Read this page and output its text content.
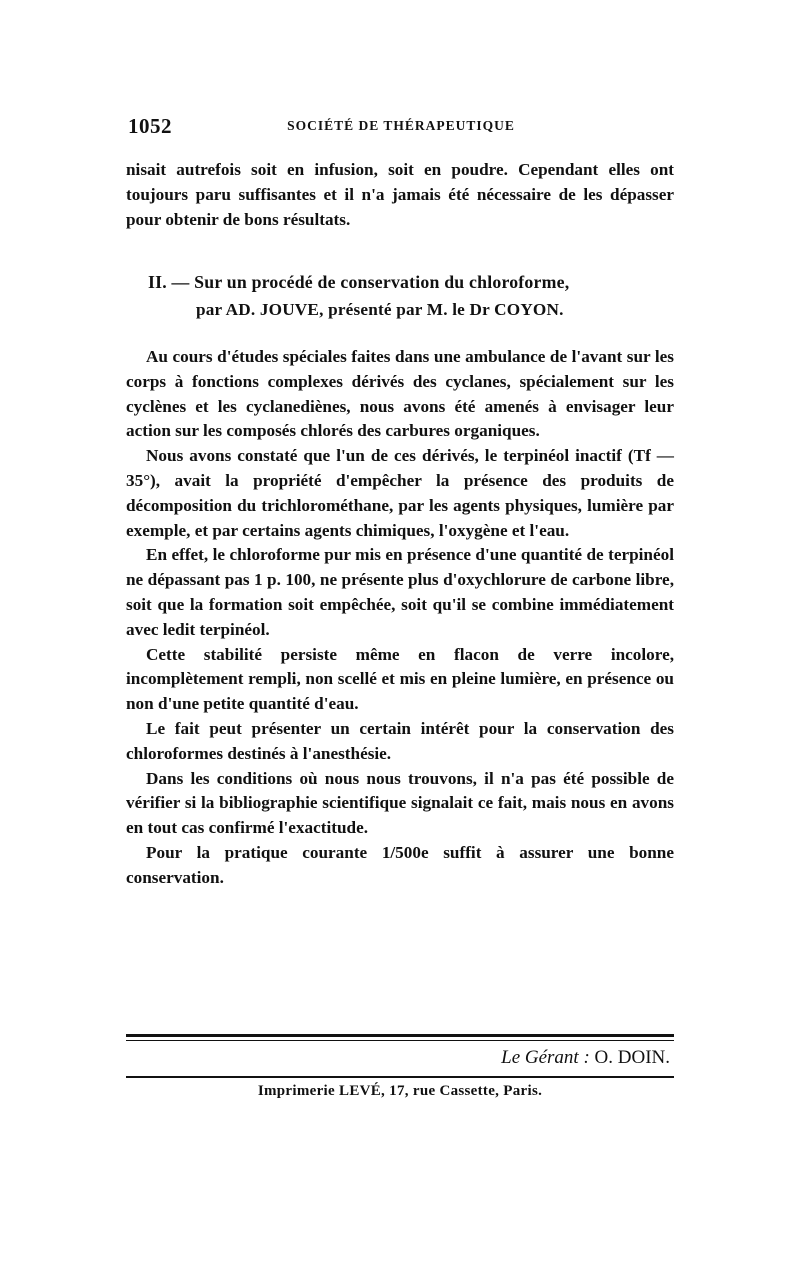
1052	SOCIÉTÉ DE THÉRAPEUTIQUE

nisait autrefois soit en infusion, soit en poudre. Cependant elles ont toujours paru suffisantes et il n'a jamais été nécessaire de les dépasser pour obtenir de bons résultats.

II. — Sur un procédé de conservation du chloroforme,
par AD. JOUVE, présenté par M. le Dr COYON.

Au cours d'études spéciales faites dans une ambulance de l'avant sur les corps à fonctions complexes dérivés des cyclanes, spécialement sur les cyclènes et les cyclanediènes, nous avons été amenés à envisager leur action sur les composés chlorés des carbures organiques.

Nous avons constaté que l'un de ces dérivés, le terpinéol inactif (Tf — 35°), avait la propriété d'empêcher la présence des produits de décomposition du trichlorométhane, par les agents physiques, lumière par exemple, et par certains agents chimiques, l'oxygène et l'eau.

En effet, le chloroforme pur mis en présence d'une quantité de terpinéol ne dépassant pas 1 p. 100, ne présente plus d'oxychlorure de carbone libre, soit que la formation soit empêchée, soit qu'il se combine immédiatement avec ledit terpinéol.

Cette stabilité persiste même en flacon de verre incolore, incomplètement rempli, non scellé et mis en pleine lumière, en présence ou non d'une petite quantité d'eau.

Le fait peut présenter un certain intérêt pour la conservation des chloroformes destinés à l'anesthésie.

Dans les conditions où nous nous trouvons, il n'a pas été possible de vérifier si la bibliographie scientifique signalait ce fait, mais nous en avons en tout cas confirmé l'exactitude.

Pour la pratique courante 1/500e suffit à assurer une bonne conservation.

Le Gérant : O. DOIN.
Imprimerie LEVÉ, 17, rue Cassette, Paris.
